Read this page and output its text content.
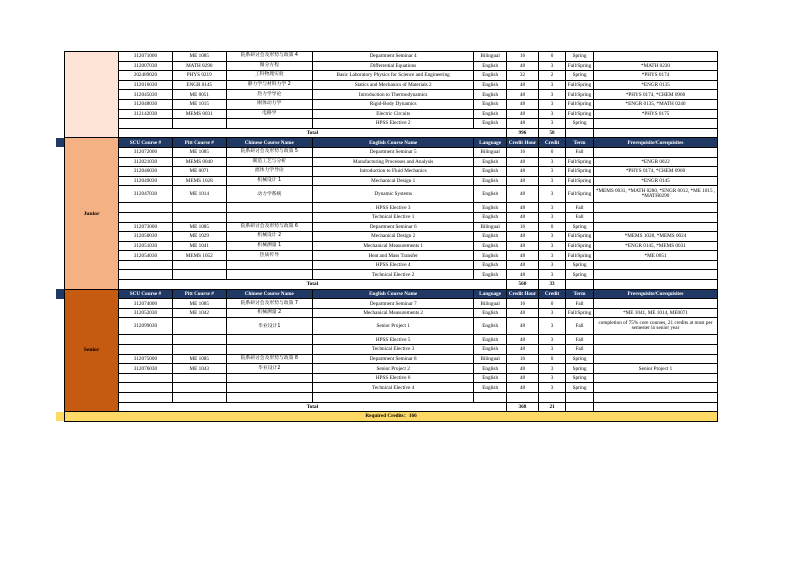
		312071000	ME 1085	院系研讨会及形势与政策 4	Department Seminar 4	Bilingual	16	0	Spring	
		312007030	MATH 0290	微分方程	Differential Equations	English	48	3	Fall/Spring	*MATH 0230
		202489020	PHYS 0219	工科物理实验	Basic Laboratory Physics for Science and Engineering	English	32	2	Spring	*PHYS 0174
		312016030	ENGR 0145	静力学与材料力学 2	Statics and Mechanics of Materials 2	English	48	3	Fall/Spring	*ENGR 0135
		312045030	ME 0051	热力学导论	Introduction to Thermodynamics	English	48	3	Fall/Spring	*PHYS 0174, *CHEM 0960
		312048030	ME 1015	刚体动力学	Rigid-Body Dynamics	English	48	3	Fall/Spring	*ENGR 0135, *MATH 0240
		312142030	MEMS 0031	电路学	Electric Circuits	English	48	3	Fall/Spring	*PHYS 0175
					HPSS Elective 2	English	48	3	Spring	
		Total					996	58		
	Junior	SCU Course #	Pitt Course #	Chinese Course Name	English Course Name	Language	Credit Hour	Credit	Term	Prerequisite/Corequisites
		312072000	ME 1085	院系研讨会及形势与政策 5	Department Seminar 5	Bilingual	16	0	Fall	
		312021030	MEMS 0040	制造工艺与分析	Manufacturing Processes and Analysis	English	48	3	Fall/Spring	*ENGR 0022
		312046030	ME 0071	流体力学导论	Introduction to Fluid Mechanics	English	48	3	Fall/Spring	*PHYS 0174, *CHEM 0960
		312049030	MEMS 1028	机械设计 1	Mechanical Design 1	English	48	3	Fall/Spring	*ENGR 0145
		312047030	ME 1014	动力学系统	Dynamic Systems	English	48	3	Fall/Spring	*MEMS 0031, *MATH 0280, *ENGR 0012, *ME 1015 , *MATH0290
					HPSS Elective 3	English	48	3	Fall	
					Technical Elective 1	English	48	3	Fall	
		312073000	ME 1085	院系研讨会及形势与政策 6	Department Seminar 6	Bilingual	16	0	Spring	
		312050030	ME 1029	机械设计 2	Mechanical Design 2	English	48	3	Fall/Spring	*MEMS 1028, *MEMS 0024
		312051030	ME 1041	机械测量 1	Mechanical Measurements 1	English	48	3	Fall/Spring	*ENGR 0145, *MEMS 0031
		312054030	MEMS 1052	热质传导	Heat and Mass Transfer	English	48	3	Fall/Spring	*ME 0051
					HPSS Elective 4	English	48	3	Spring	
					Technical Elective 2	English	48	3	Spring	
		Total					560	33		
	Senior	SCU Course #	Pitt Course #	Chinese Course Name	English Course Name	Language	Credit Hour	Credit	Term	Prerequisite/Corequisites
		312074000	ME 1085	院系研讨会及形势与政策 7	Department Seminar 7	Bilingual	16	0	Fall	
		312052030	ME 1042	机械测量 2	Mechanical Measurements 2	English	48	3	Fall/Spring	*ME 1041, ME 1014, ME0071
		312099030		毕业设计1	Senior Project 1	English	48	3	Fall	completion of 75% core courses, 21 credits at most per semester in senior year
					HPSS Elective 5	English	48	3	Fall	
					Technical Elective 3	English	48	3	Fall	
		312075000	ME 1085	院系研讨会及形势与政策 8	Department Seminar 8	Bilingual	16	0	Spring	
		312076030	ME 1043	毕业设计2	Senior Project 2	English	48	3	Spring	Senior Project 1
					HPSS Elective 6	English	48	3	Spring	
					Technical Elective 4	English	48	3	Spring	

		Total					368	21		
	Required Credits：166									
